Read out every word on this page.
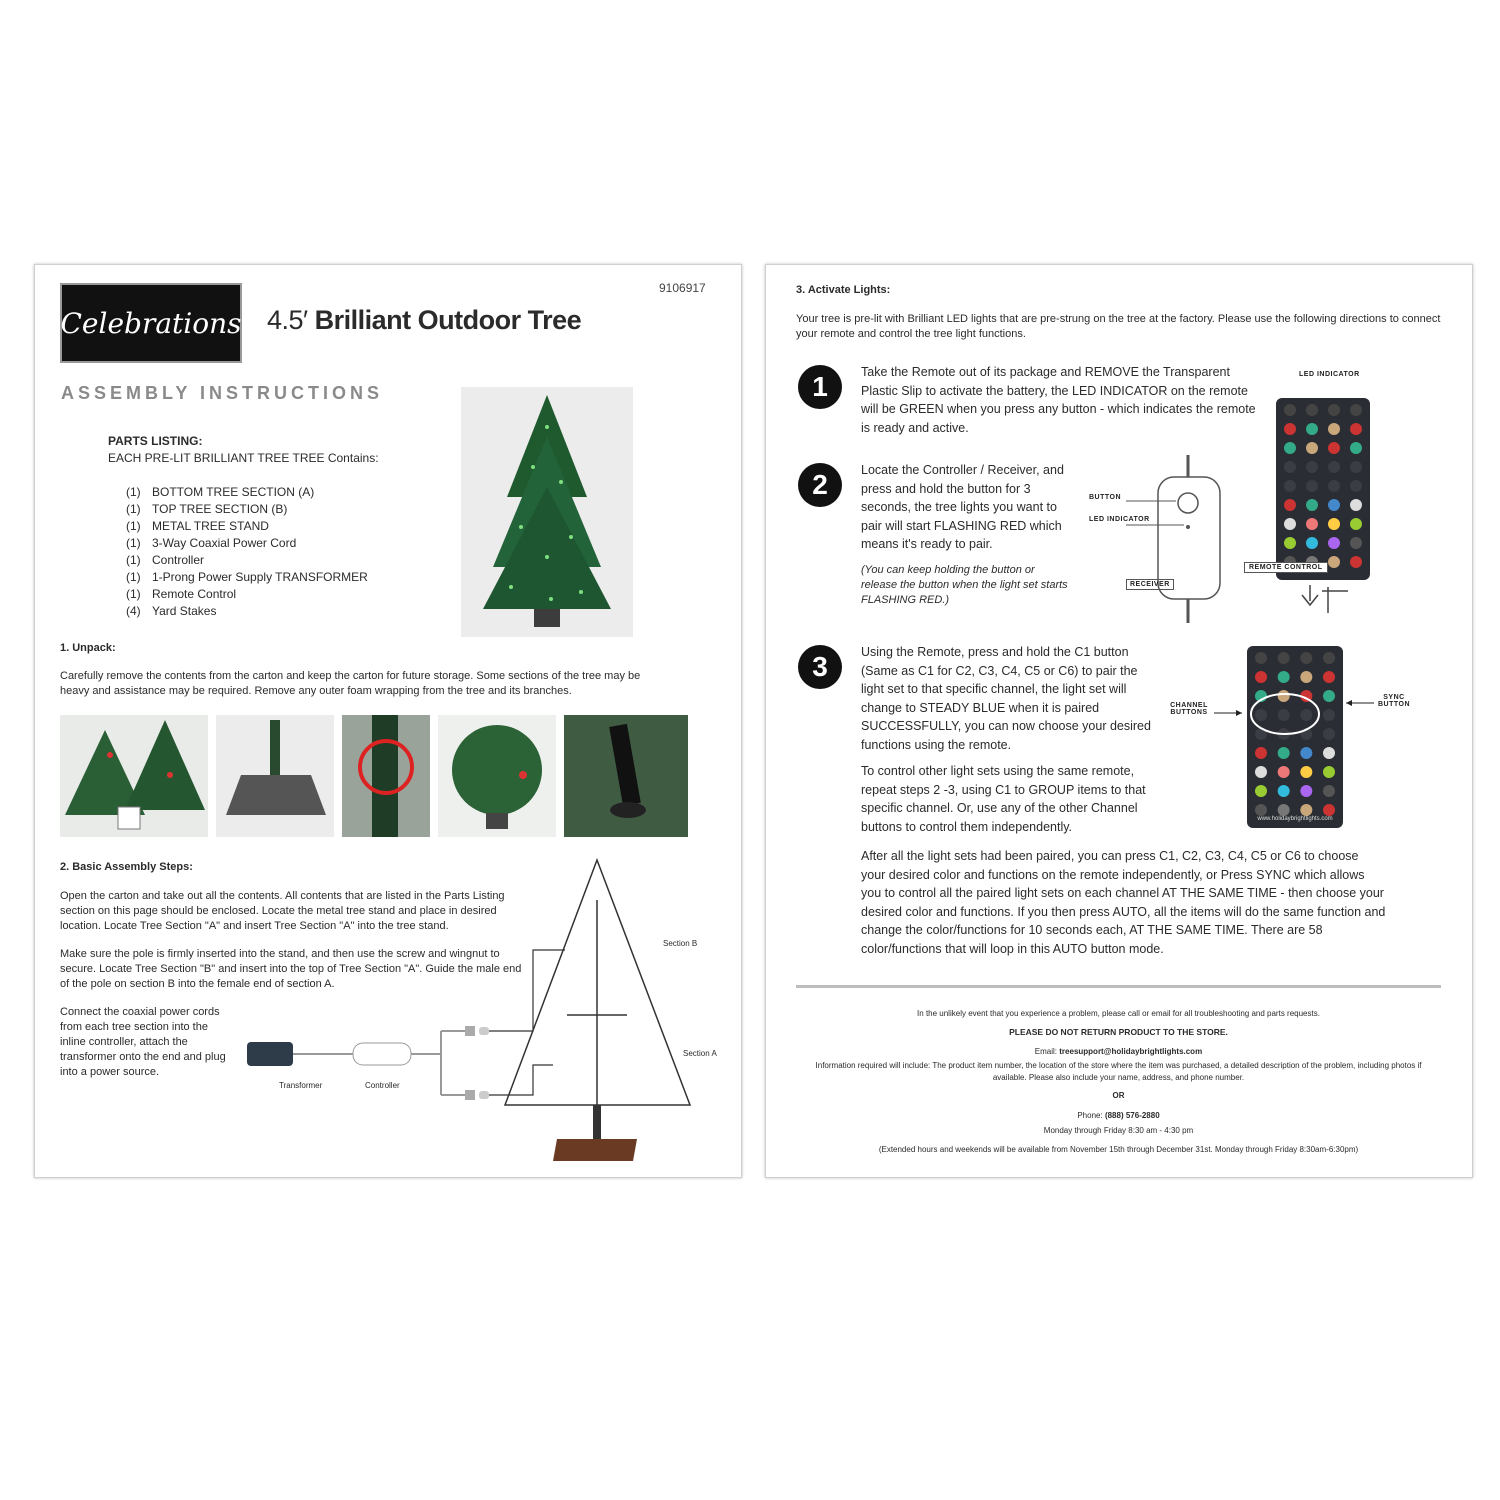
9106917
Celebrations 4.5′ Brilliant Outdoor Tree
ASSEMBLY INSTRUCTIONS
PARTS LISTING:
EACH PRE-LIT BRILLIANT TREE TREE Contains:
(1) BOTTOM TREE SECTION (A)
(1) TOP TREE SECTION (B)
(1) METAL TREE STAND
(1) 3-Way Coaxial Power Cord
(1) Controller
(1) 1-Prong Power Supply TRANSFORMER
(1) Remote Control
(4) Yard Stakes
1. Unpack:
Carefully remove the contents from the carton and keep the carton for future storage. Some sections of the tree may be heavy and assistance may be required. Remove any outer foam wrapping from the tree and its branches.
2. Basic Assembly Steps:
Open the carton and take out all the contents. All contents that are listed in the Parts Listing section on this page should be enclosed. Locate the metal tree stand and place in desired location. Locate Tree Section "A" and insert Tree Section "A" into the tree stand.
Make sure the pole is firmly inserted into the stand, and then use the screw and wingnut to secure. Locate Tree Section "B" and insert into the top of Tree Section "A". Guide the male end of the pole on section B into the female end of section A.
Connect the coaxial power cords from each tree section into the inline controller, attach the transformer onto the end and plug into a power source.
Transformer	Controller
Section B
Section A
3. Activate Lights:
Your tree is pre-lit with Brilliant LED lights that are pre-strung on the tree at the factory. Please use the following directions to connect your remote and control the tree light functions.
1	Take the Remote out of its package and REMOVE the Transparent Plastic Slip to activate the battery, the LED INDICATOR on the remote will be GREEN when you press any button - which indicates the remote is ready and active.
2	Locate the Controller / Receiver, and press and hold the button for 3 seconds, the tree lights you want to pair will start FLASHING RED which means it's ready to pair.
(You can keep holding the button or release the button when the light set starts FLASHING RED.)
BUTTON
LED INDICATOR
RECEIVER
LED INDICATOR
REMOTE CONTROL
3	Using the Remote, press and hold the C1 button (Same as C1 for C2, C3, C4, C5 or C6) to pair the light set to that specific channel, the light set will change to STEADY BLUE when it is paired SUCCESSFULLY, you can now choose your desired functions using the remote.
To control other light sets using the same remote, repeat steps 2 -3, using C1 to GROUP items to that specific channel. Or, use any of the other Channel buttons to control them independently.
CHANNEL BUTTONS
www.holidaybrightlights.com
SYNC BUTTON
After all the light sets had been paired, you can press C1, C2, C3, C4, C5 or C6 to choose your desired color and functions on the remote independently, or Press SYNC which allows you to control all the paired light sets on each channel AT THE SAME TIME - then choose your desired color and functions. If you then press AUTO, all the items will do the same function and change the color/functions for 10 seconds each, AT THE SAME TIME. There are 58 color/functions that will loop in this AUTO button mode.
In the unlikely event that you experience a problem, please call or email for all troubleshooting and parts requests.
PLEASE DO NOT RETURN PRODUCT TO THE STORE.
Email: treesupport@holidaybrightlights.com
Information required will include: The product item number, the location of the store where the item was purchased, a detailed description of the problem, including photos if available. Please also include your name, address, and phone number.
OR
Phone: (888) 576-2880
Monday through Friday 8:30 am - 4:30 pm
(Extended hours and weekends will be available from November 15th through December 31st. Monday through Friday 8:30am-6:30pm)
